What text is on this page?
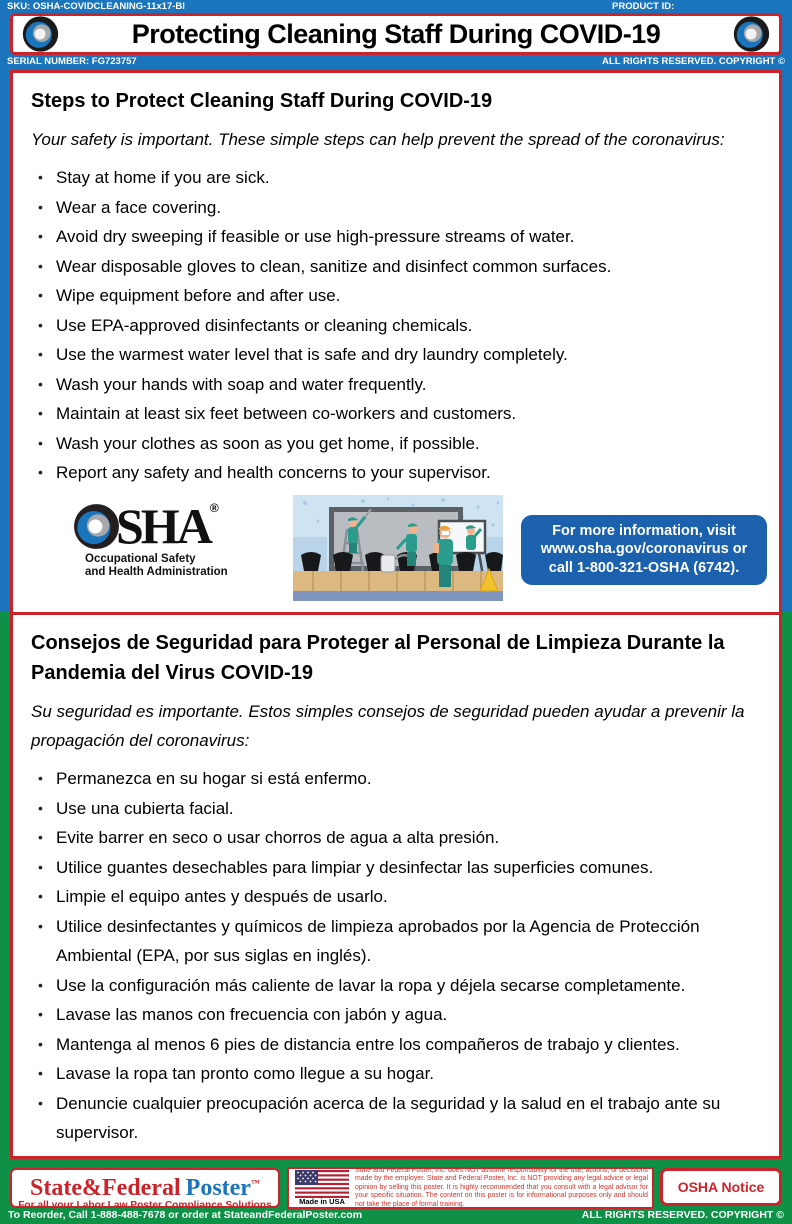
SKU: OSHA-COVIDCLEANING-11x17-Bl	PRODUCT ID:
Protecting Cleaning Staff During COVID-19
SERIAL NUMBER: FG723757	ALL RIGHTS RESERVED. COPYRIGHT ©
Steps to Protect Cleaning Staff During COVID-19

Your safety is important. These simple steps can help prevent the spread of the coronavirus:

• Stay at home if you are sick.
• Wear a face covering.
• Avoid dry sweeping if feasible or use high-pressure streams of water.
• Wear disposable gloves to clean, sanitize and disinfect common surfaces.
• Wipe equipment before and after use.
• Use EPA-approved disinfectants or cleaning chemicals.
• Use the warmest water level that is safe and dry laundry completely.
• Wash your hands with soap and water frequently.
• Maintain at least six feet between co-workers and customers.
• Wash your clothes as soon as you get home, if possible.
• Report any safety and health concerns to your supervisor.
SHA ®
Occupational Safety
and Health Administration
For more information, visit
www.osha.gov/coronavirus or
call 1-800-321-OSHA (6742).
Consejos de Seguridad para Proteger al Personal de Limpieza Durante la Pandemia del Virus COVID-19

Su seguridad es importante. Estos simples consejos de seguridad pueden ayudar a prevenir la propagación del coronavirus:

• Permanezca en su hogar si está enfermo.
• Use una cubierta facial.
• Evite barrer en seco o usar chorros de agua a alta presión.
• Utilice guantes desechables para limpiar y desinfectar las superficies comunes.
• Limpie el equipo antes y después de usarlo.
• Utilice desinfectantes y químicos de limpieza aprobados por la Agencia de Protección Ambiental (EPA, por sus siglas en inglés).
• Use la configuración más caliente de lavar la ropa y déjela secarse completamente.
• Lavase las manos con frecuencia con jabón y agua.
• Mantenga al menos 6 pies de distancia entre los compañeros de trabajo y clientes.
• Lavase la ropa tan pronto como llegue a su hogar.
• Denuncie cualquier preocupación acerca de la seguridad y la salud en el trabajo ante su supervisor.
State&Federal Poster™
For all your Labor Law Poster Compliance Solutions	Made in USA
State and Federal Poster, Inc. does NOT assume responsibility for the use, actions, or decisions made by the employer. State and Federal Poster, Inc. is NOT providing any legal advice or legal opinion by selling this poster. It is highly recommended that you consult with a legal advisor for your specific situation. The content on this poster is for informational purposes only and should not take the place of formal training.
OSHA Notice
To Reorder, Call 1-888-488-7678 or order at StateandFederalPoster.com	ALL RIGHTS RESERVED. COPYRIGHT ©
